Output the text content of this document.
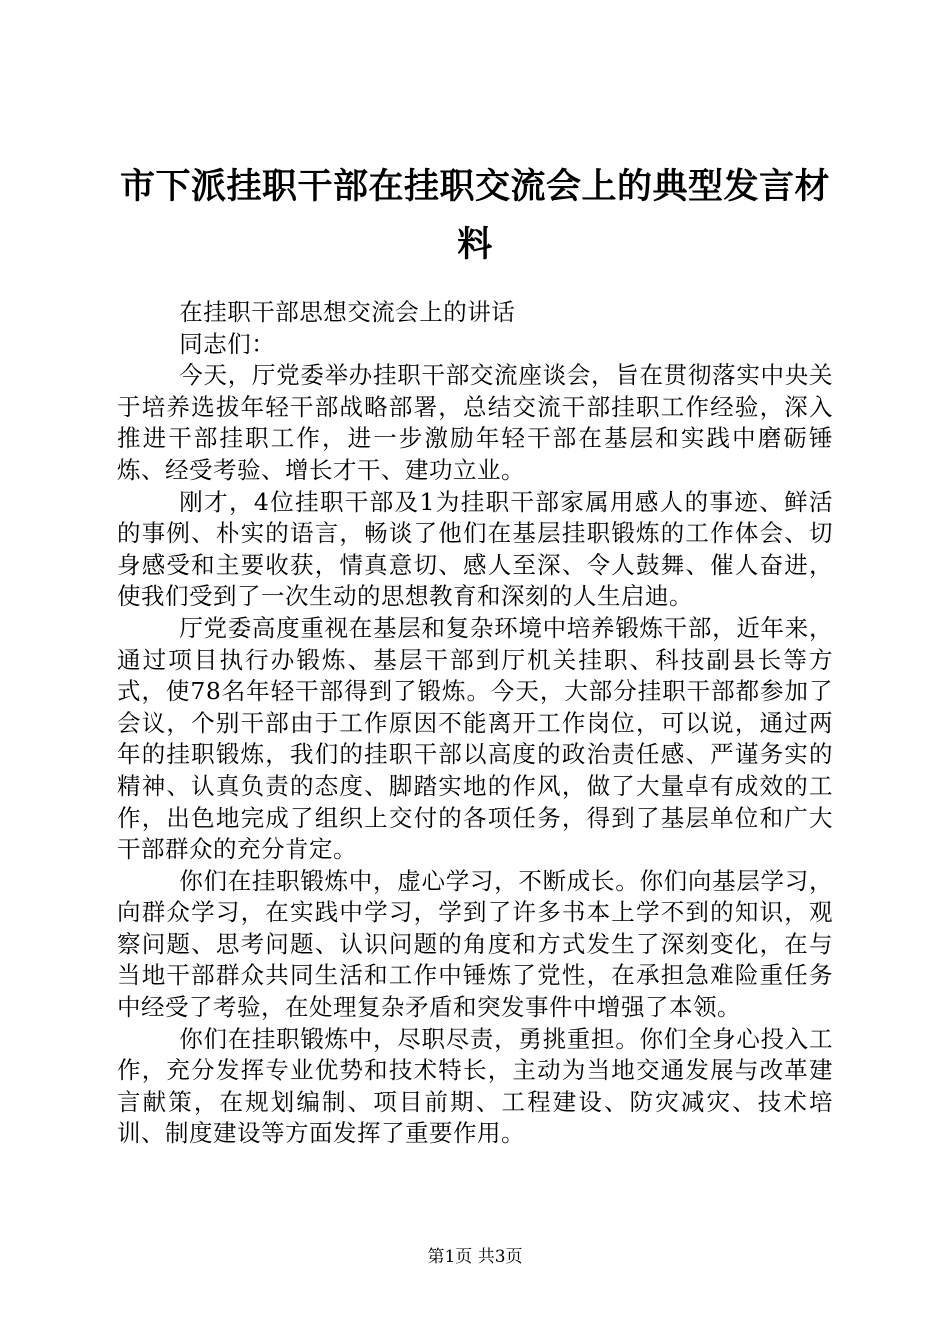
市下派挂职干部在挂职交流会上的典型发言材料

在挂职干部思想交流会上的讲话

同志们：

今天，厅党委举办挂职干部交流座谈会，旨在贯彻落实中央关于培养选拔年轻干部战略部署，总结交流干部挂职工作经验，深入推进干部挂职工作，进一步激励年轻干部在基层和实践中磨砺锤炼、经受考验、增长才干、建功立业。

刚才，4位挂职干部及1为挂职干部家属用感人的事迹、鲜活的事例、朴实的语言，畅谈了他们在基层挂职锻炼的工作体会、切身感受和主要收获，情真意切、感人至深、令人鼓舞、催人奋进，使我们受到了一次生动的思想教育和深刻的人生启迪。

厅党委高度重视在基层和复杂环境中培养锻炼干部，近年来，通过项目执行办锻炼、基层干部到厅机关挂职、科技副县长等方式，使78名年轻干部得到了锻炼。今天，大部分挂职干部都参加了会议，个别干部由于工作原因不能离开工作岗位，可以说，通过两年的挂职锻炼，我们的挂职干部以高度的政治责任感、严谨务实的精神、认真负责的态度、脚踏实地的作风，做了大量卓有成效的工作，出色地完成了组织上交付的各项任务，得到了基层单位和广大干部群众的充分肯定。

你们在挂职锻炼中，虚心学习，不断成长。你们向基层学习，向群众学习，在实践中学习，学到了许多书本上学不到的知识，观察问题、思考问题、认识问题的角度和方式发生了深刻变化，在与当地干部群众共同生活和工作中锤炼了党性，在承担急难险重任务中经受了考验，在处理复杂矛盾和突发事件中增强了本领。

你们在挂职锻炼中，尽职尽责，勇挑重担。你们全身心投入工作，充分发挥专业优势和技术特长，主动为当地交通发展与改革建言献策，在规划编制、项目前期、工程建设、防灾减灾、技术培训、制度建设等方面发挥了重要作用。

第1页 共3页
